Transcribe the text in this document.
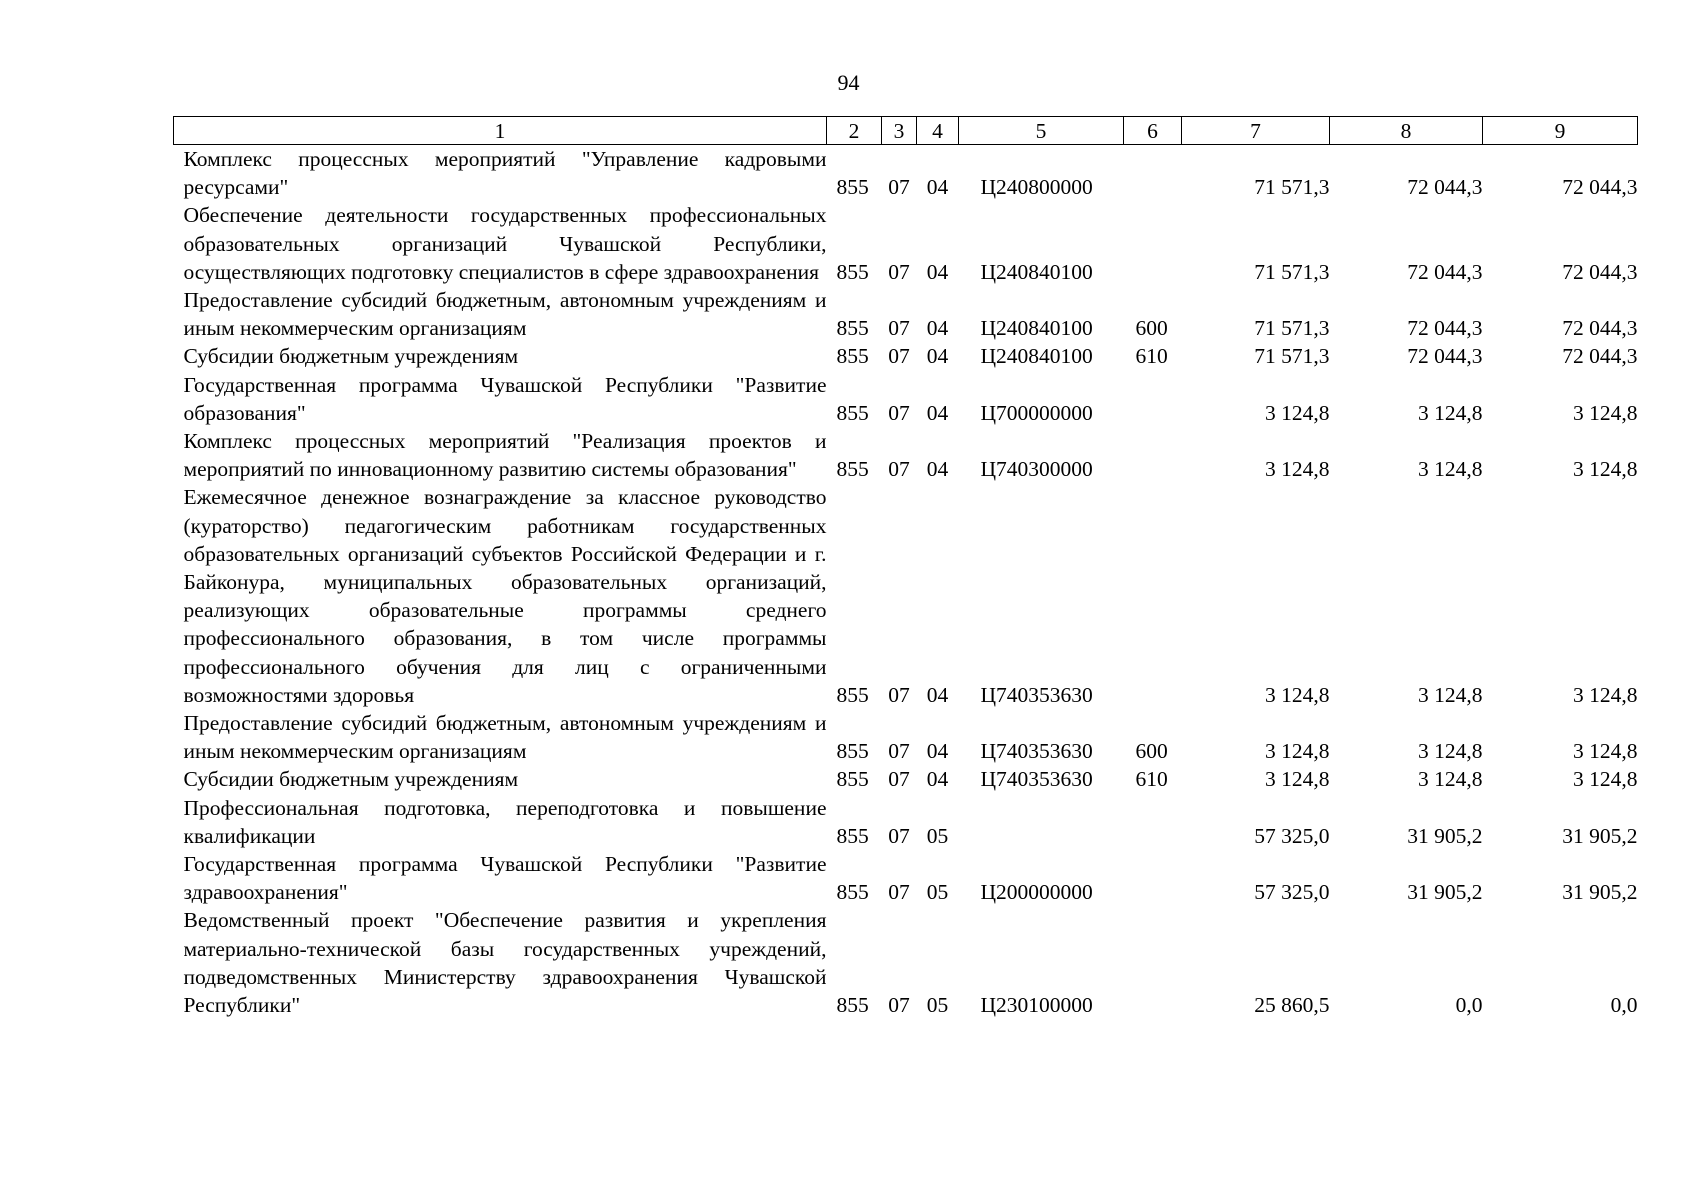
94
1	2	3	4	5	6	7	8	9
Комплекс процессных мероприятий "Управление кадровыми ресурсами"	855	07	04	Ц240800000		71 571,3	72 044,3	72 044,3
Обеспечение деятельности государственных профессиональных образовательных организаций Чувашской Республики, осуществляющих подготовку специалистов в сфере здравоохранения	855	07	04	Ц240840100		71 571,3	72 044,3	72 044,3
Предоставление субсидий бюджетным, автономным учреждениям и иным некоммерческим организациям	855	07	04	Ц240840100	600	71 571,3	72 044,3	72 044,3
Субсидии бюджетным учреждениям	855	07	04	Ц240840100	610	71 571,3	72 044,3	72 044,3
Государственная программа Чувашской Республики "Развитие образования"	855	07	04	Ц700000000		3 124,8	3 124,8	3 124,8
Комплекс процессных мероприятий "Реализация проектов и мероприятий по инновационному развитию системы образования"	855	07	04	Ц740300000		3 124,8	3 124,8	3 124,8
Ежемесячное денежное вознаграждение за классное руководство (кураторство) педагогическим работникам государственных образовательных организаций субъектов Российской Федерации и г. Байконура, муниципальных образовательных организаций, реализующих образовательные программы среднего профессионального образования, в том числе программы профессионального обучения для лиц с ограниченными возможностями здоровья	855	07	04	Ц740353630		3 124,8	3 124,8	3 124,8
Предоставление субсидий бюджетным, автономным учреждениям и иным некоммерческим организациям	855	07	04	Ц740353630	600	3 124,8	3 124,8	3 124,8
Субсидии бюджетным учреждениям	855	07	04	Ц740353630	610	3 124,8	3 124,8	3 124,8
Профессиональная подготовка, переподготовка и повышение квалификации	855	07	05			57 325,0	31 905,2	31 905,2
Государственная программа Чувашской Республики "Развитие здравоохранения"	855	07	05	Ц200000000		57 325,0	31 905,2	31 905,2
Ведомственный проект "Обеспечение развития и укрепления материально-технической базы государственных учреждений, подведомственных Министерству здравоохранения Чувашской Республики"	855	07	05	Ц230100000		25 860,5	0,0	0,0
